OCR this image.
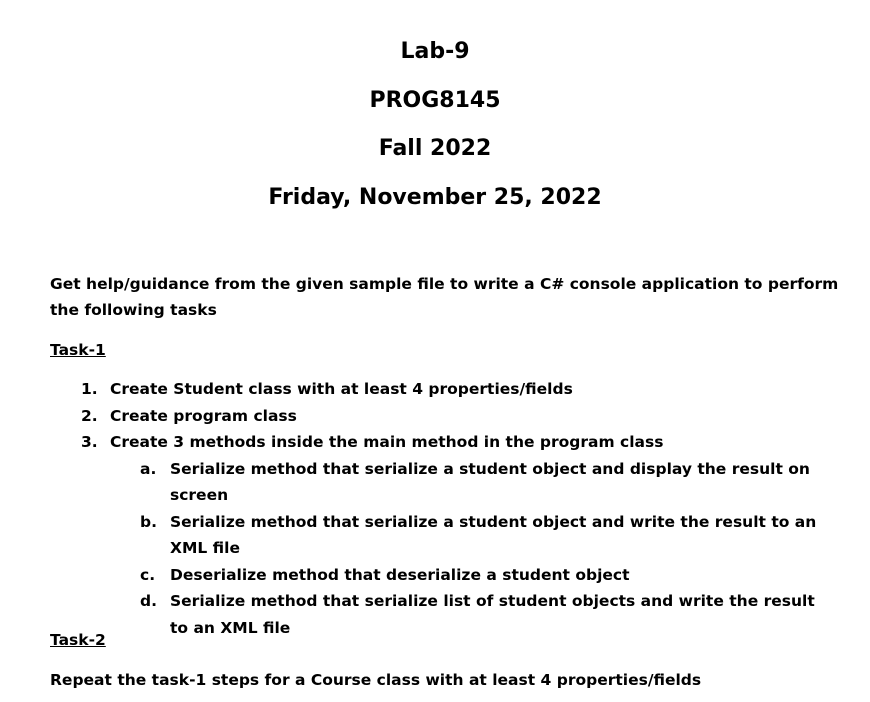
Lab-9
PROG8145
Fall 2022
Friday, November 25, 2022

Get help/guidance from the given sample file to write a C# console application to perform the following tasks

Task-1

1. Create Student class with at least 4 properties/fields
2. Create program class
3. Create 3 methods inside the main method in the program class
a. Serialize method that serialize a student object and display the result on screen
b. Serialize method that serialize a student object and write the result to an XML file
c. Deserialize method that deserialize a student object
d. Serialize method that serialize list of student objects and write the result to an XML file

Task-2

Repeat the task-1 steps for a Course class with at least 4 properties/fields
